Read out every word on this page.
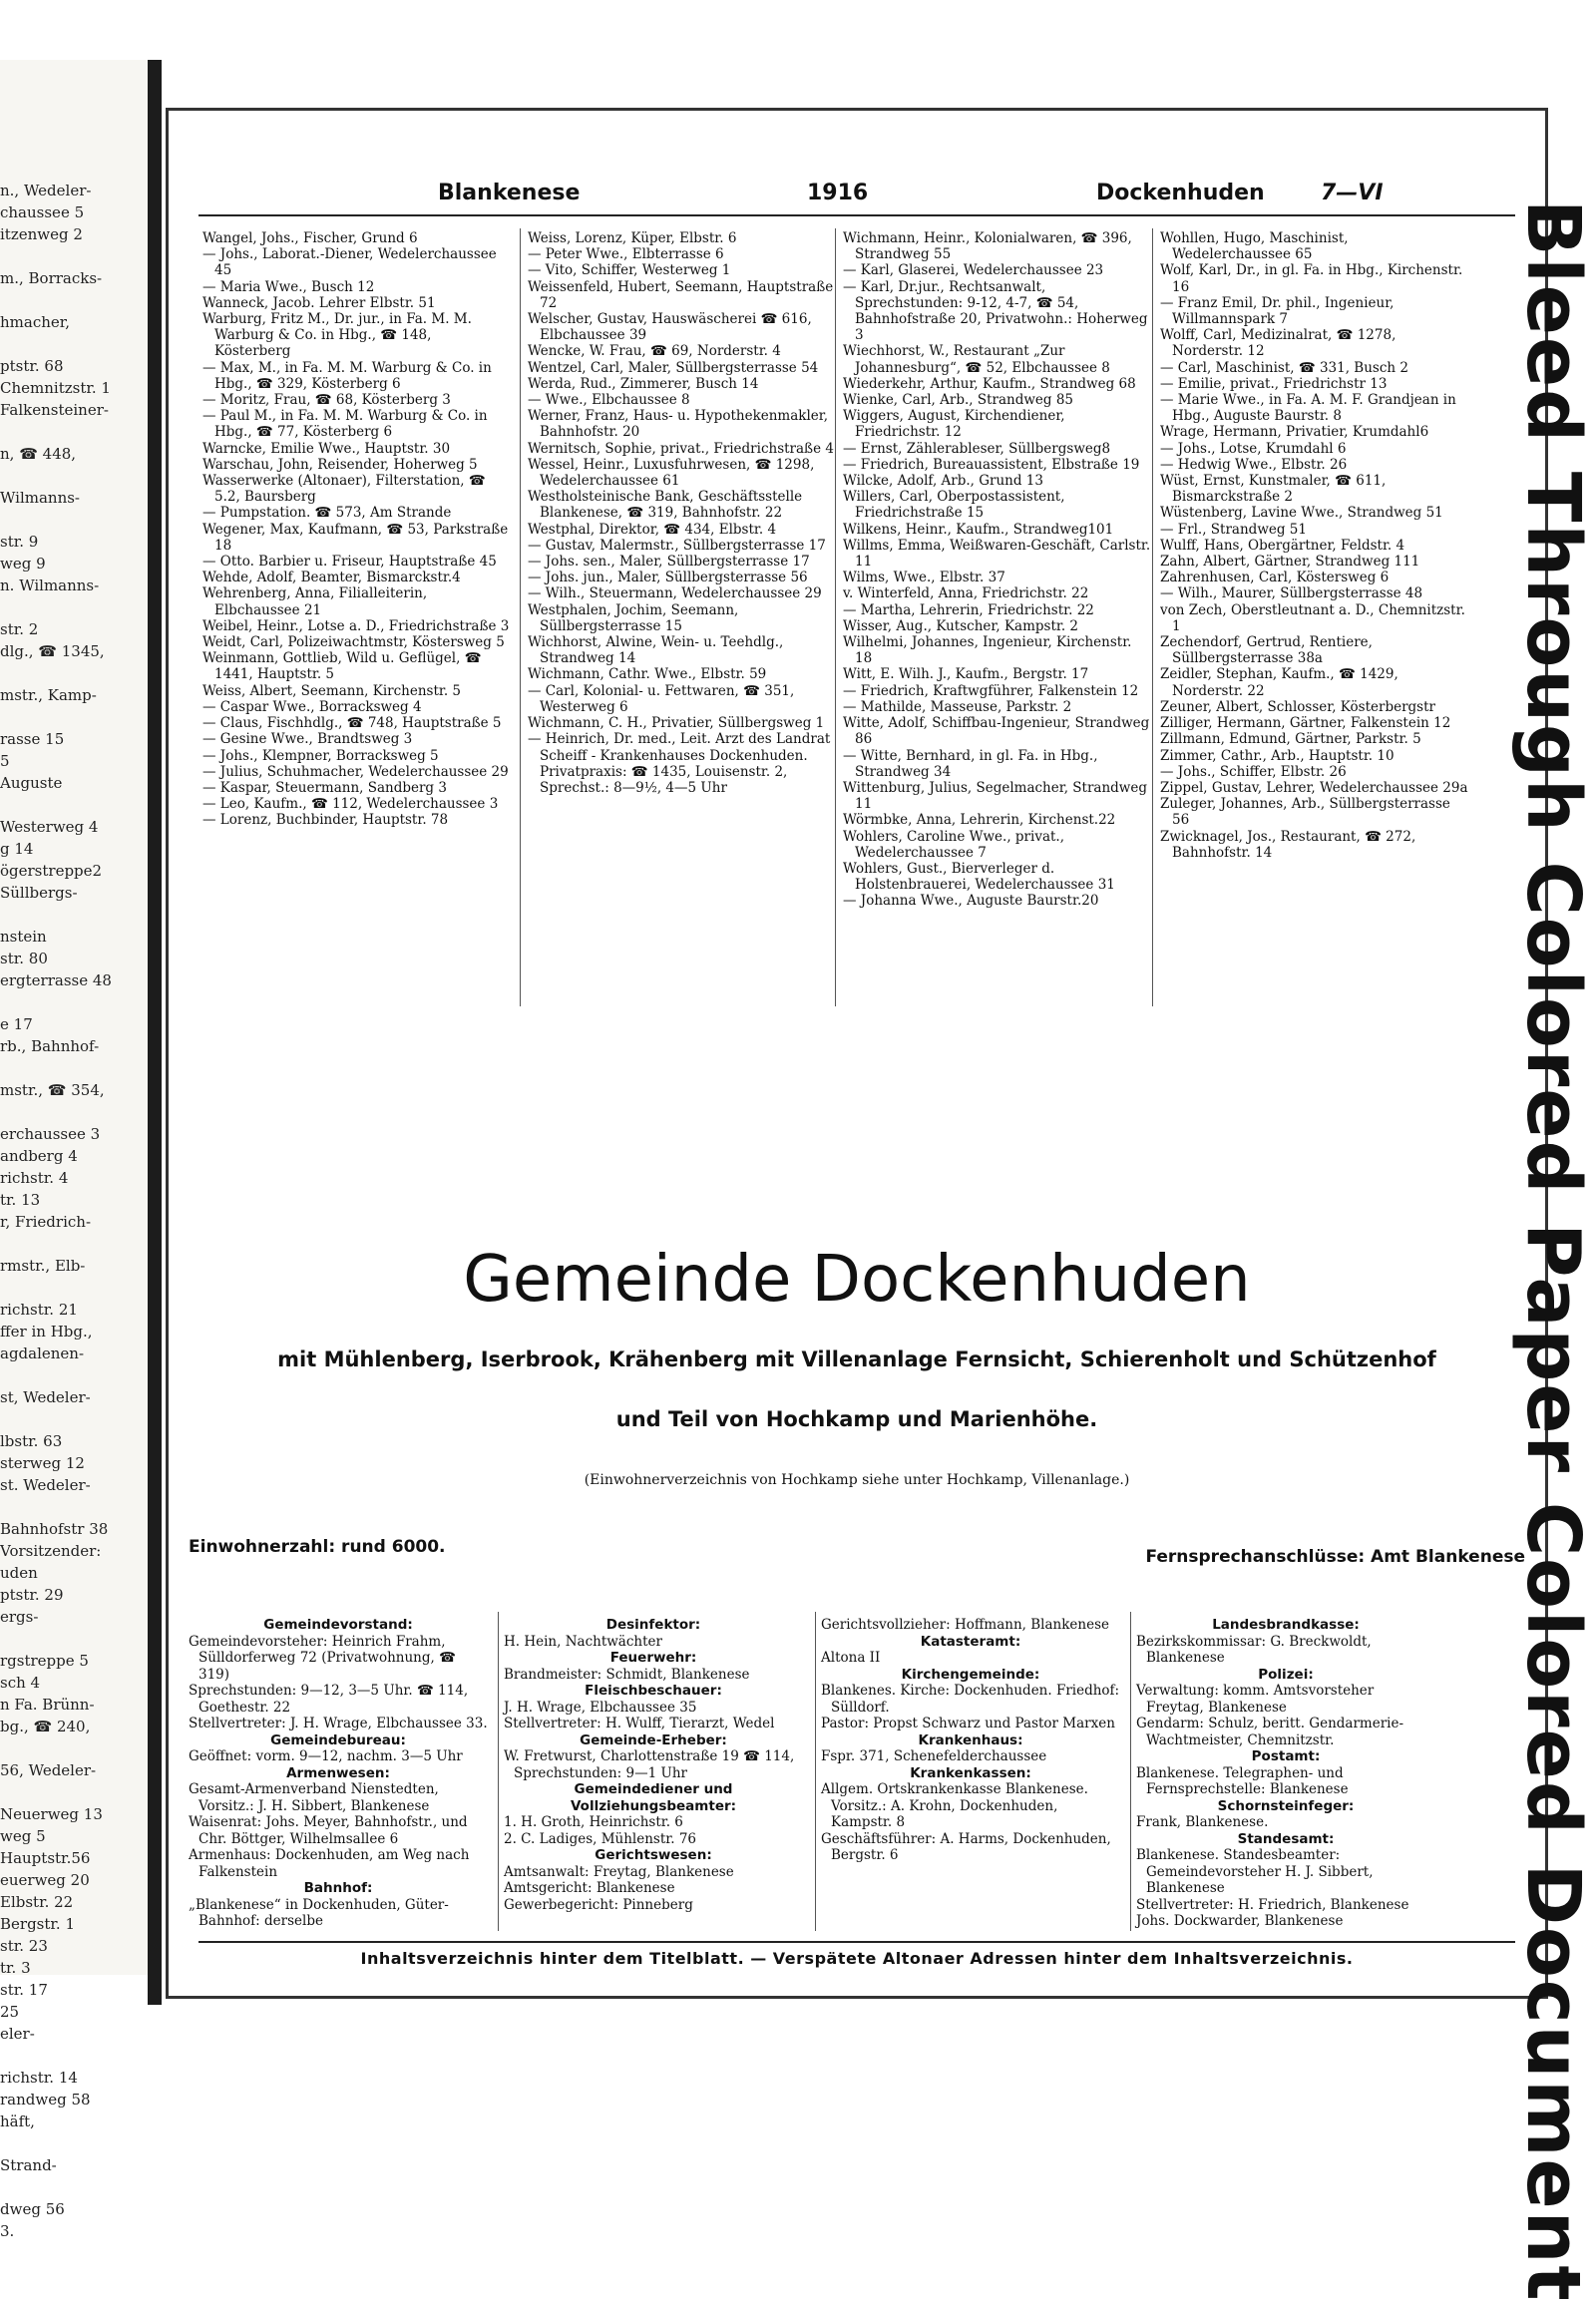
n., Wedeler-
chaussee 5
itzenweg 2

m., Borracks-

hmacher,

ptstr. 68
Chemnitzstr. 1
Falkensteiner-

n, ☎ 448,

Wilmanns-

str. 9
weg 9
n. Wilmanns-

str. 2
dlg., ☎ 1345,

mstr., Kamp-

rasse 15
5
Auguste

Westerweg 4
g 14
ögerstreppe2
Süllbergs-

nstein
str. 80
ergterrasse 48

e 17
rb., Bahnhof-

mstr., ☎ 354,

erchaussee 3
andberg 4
richstr. 4
tr. 13
r, Friedrich-

rmstr., Elb-

richstr. 21
ffer in Hbg.,
agdalenen-

st, Wedeler-

lbstr. 63
sterweg 12
st. Wedeler-

Bahnhofstr 38
Vorsitzender:
uden
ptstr. 29
ergs-

rgstreppe 5
sch 4
n Fa. Brünn-
bg., ☎ 240,

56, Wedeler-

Neuerweg 13
weg 5
Hauptstr.56
euerweg 20
Elbstr. 22
Bergstr. 1
str. 23
tr. 3
str. 17
25
eler-

richstr. 14
randweg 58
häft,

Strand-

dweg 56
3.
Blankenese	1916	Dockenhuden	7—VI
Wangel, Johs., Fischer, Grund 6
— Johs., Laborat.-Diener, Wedelerchaussee 45
— Maria Wwe., Busch 12
Wanneck, Jacob. Lehrer Elbstr. 51
Warburg, Fritz M., Dr. jur., in Fa. M. M. Warburg & Co. in Hbg., ☎ 148, Kösterberg
— Max, M., in Fa. M. M. Warburg & Co. in Hbg., ☎ 329, Kösterberg 6
— Moritz, Frau, ☎ 68, Kösterberg 3
— Paul M., in Fa. M. M. Warburg & Co. in Hbg., ☎ 77, Kösterberg 6
Warncke, Emilie Wwe., Hauptstr. 30
Warschau, John, Reisender, Hoherweg 5
Wasserwerke (Altonaer), Filterstation, ☎ 5.2, Baursberg
— Pumpstation. ☎ 573, Am Strande
Wegener, Max, Kaufmann, ☎ 53, Parkstraße 18
— Otto. Barbier u. Friseur, Hauptstraße 45
Wehde, Adolf, Beamter, Bismarckstr.4
Wehrenberg, Anna, Filialleiterin, Elbchaussee 21
Weibel, Heinr., Lotse a. D., Friedrichstraße 3
Weidt, Carl, Polizeiwachtmstr, Köstersweg 5
Weinmann, Gottlieb, Wild u. Geflügel, ☎ 1441, Hauptstr. 5
Weiss, Albert, Seemann, Kirchenstr. 5
— Caspar Wwe., Borracksweg 4
— Claus, Fischhdlg., ☎ 748, Hauptstraße 5
— Gesine Wwe., Brandtsweg 3
— Johs., Klempner, Borracksweg 5
— Julius, Schuhmacher, Wedelerchaussee 29
— Kaspar, Steuermann, Sandberg 3
— Leo, Kaufm., ☎ 112, Wedelerchaussee 3
— Lorenz, Buchbinder, Hauptstr. 78
Weiss, Lorenz, Küper, Elbstr. 6
— Peter Wwe., Elbterrasse 6
— Vito, Schiffer, Westerweg 1
Weissenfeld, Hubert, Seemann, Hauptstraße 72
Welscher, Gustav, Hauswäscherei ☎ 616, Elbchaussee 39
Wencke, W. Frau, ☎ 69, Norderstr. 4
Wentzel, Carl, Maler, Süllbergsterrasse 54
Werda, Rud., Zimmerer, Busch 14
— Wwe., Elbchaussee 8
Werner, Franz, Haus- u. Hypothekenmakler, Bahnhofstr. 20
Wernitsch, Sophie, privat., Friedrichstraße 4
Wessel, Heinr., Luxusfuhrwesen, ☎ 1298, Wedelerchaussee 61
Westholsteinische Bank, Geschäftsstelle Blankenese, ☎ 319, Bahnhofstr. 22
Westphal, Direktor, ☎ 434, Elbstr. 4
— Gustav, Malermstr., Süllbergsterrasse 17
— Johs. sen., Maler, Süllbergsterrasse 17
— Johs. jun., Maler, Süllbergsterrasse 56
— Wilh., Steuermann, Wedelerchaussee 29
Westphalen, Jochim, Seemann, Süllbergsterrasse 15
Wichhorst, Alwine, Wein- u. Teehdlg., Strandweg 14
Wichmann, Cathr. Wwe., Elbstr. 59
— Carl, Kolonial- u. Fettwaren, ☎ 351, Westerweg 6
Wichmann, C. H., Privatier, Süllbergsweg 1
— Heinrich, Dr. med., Leit. Arzt des Landrat Scheiff - Krankenhauses Dockenhuden. Privatpraxis: ☎ 1435, Louisenstr. 2, Sprechst.: 8—9½, 4—5 Uhr
Wichmann, Heinr., Kolonialwaren, ☎ 396, Strandweg 55
— Karl, Glaserei, Wedelerchaussee 23
— Karl, Dr.jur., Rechtsanwalt, Sprechstunden: 9-12, 4-7, ☎ 54, Bahnhofstraße 20, Privatwohn.: Hoherweg 3
Wiechhorst, W., Restaurant „Zur Johannesburg“, ☎ 52, Elbchaussee 8
Wiederkehr, Arthur, Kaufm., Strandweg 68
Wienke, Carl, Arb., Strandweg 85
Wiggers, August, Kirchendiener, Friedrichstr. 12
— Ernst, Zählerableser, Süllbergsweg8
— Friedrich, Bureauassistent, Elbstraße 19
Wilcke, Adolf, Arb., Grund 13
Willers, Carl, Oberpostassistent, Friedrichstraße 15
Wilkens, Heinr., Kaufm., Strandweg101
Willms, Emma, Weißwaren-Geschäft, Carlstr. 11
Wilms, Wwe., Elbstr. 37
v. Winterfeld, Anna, Friedrichstr. 22
— Martha, Lehrerin, Friedrichstr. 22
Wisser, Aug., Kutscher, Kampstr. 2
Wilhelmi, Johannes, Ingenieur, Kirchenstr. 18
Witt, E. Wilh. J., Kaufm., Bergstr. 17
— Friedrich, Kraftwgführer, Falkenstein 12
— Mathilde, Masseuse, Parkstr. 2
Witte, Adolf, Schiffbau-Ingenieur, Strandweg 86
— Witte, Bernhard, in gl. Fa. in Hbg., Strandweg 34
Wittenburg, Julius, Segelmacher, Strandweg 11
Wörmbke, Anna, Lehrerin, Kirchenst.22
Wohlers, Caroline Wwe., privat., Wedelerchaussee 7
Wohlers, Gust., Bierverleger d. Holstenbrauerei, Wedelerchaussee 31
— Johanna Wwe., Auguste Baurstr.20
Wohllen, Hugo, Maschinist, Wedelerchaussee 65
Wolf, Karl, Dr., in gl. Fa. in Hbg., Kirchenstr. 16
— Franz Emil, Dr. phil., Ingenieur, Willmannspark 7
Wolff, Carl, Medizinalrat, ☎ 1278, Norderstr. 12
— Carl, Maschinist, ☎ 331, Busch 2
— Emilie, privat., Friedrichstr 13
— Marie Wwe., in Fa. A. M. F. Grandjean in Hbg., Auguste Baurstr. 8
Wrage, Hermann, Privatier, Krumdahl6
— Johs., Lotse, Krumdahl 6
— Hedwig Wwe., Elbstr. 26
Wüst, Ernst, Kunstmaler, ☎ 611, Bismarckstraße 2
Wüstenberg, Lavine Wwe., Strandweg 51
— Frl., Strandweg 51
Wulff, Hans, Obergärtner, Feldstr. 4
Zahn, Albert, Gärtner, Strandweg 111
Zahrenhusen, Carl, Köstersweg 6
— Wilh., Maurer, Süllbergsterrasse 48
von Zech, Oberstleutnant a. D., Chemnitzstr. 1
Zechendorf, Gertrud, Rentiere, Süllbergsterrasse 38a
Zeidler, Stephan, Kaufm., ☎ 1429, Norderstr. 22
Zeuner, Albert, Schlosser, Kösterbergstr
Zilliger, Hermann, Gärtner, Falkenstein 12
Zillmann, Edmund, Gärtner, Parkstr. 5
Zimmer, Cathr., Arb., Hauptstr. 10
— Johs., Schiffer, Elbstr. 26
Zippel, Gustav, Lehrer, Wedelerchaussee 29a
Zuleger, Johannes, Arb., Süllbergsterrasse 56
Zwicknagel, Jos., Restaurant, ☎ 272, Bahnhofstr. 14
Gemeinde Dockenhuden
mit Mühlenberg, Iserbrook, Krähenberg mit Villenanlage Fernsicht, Schierenholt und Schützenhof
und Teil von Hochkamp und Marienhöhe.
(Einwohnerverzeichnis von Hochkamp siehe unter Hochkamp, Villenanlage.)
Einwohnerzahl: rund 6000.	Fernsprechanschlüsse: Amt Blankenese
Gemeindevorstand:
Gemeindevorsteher: Heinrich Frahm, Sülldorferweg 72 (Privatwohnung, ☎ 319)
Sprechstunden: 9—12, 3—5 Uhr. ☎ 114, Goethestr. 22
Stellvertreter: J. H. Wrage, Elbchaussee 33.
Gemeindebureau:
Geöffnet: vorm. 9—12, nachm. 3—5 Uhr
Armenwesen:
Gesamt-Armenverband Nienstedten, Vorsitz.: J. H. Sibbert, Blankenese
Waisenrat: Johs. Meyer, Bahnhofstr., und Chr. Böttger, Wilhelmsallee 6
Armenhaus: Dockenhuden, am Weg nach Falkenstein
Bahnhof:
„Blankenese“ in Dockenhuden, Güter-Bahnhof: derselbe
Desinfektor:
H. Hein, Nachtwächter
Feuerwehr:
Brandmeister: Schmidt, Blankenese
Fleischbeschauer:
J. H. Wrage, Elbchaussee 35
Stellvertreter: H. Wulff, Tierarzt, Wedel
Gemeinde-Erheber:
W. Fretwurst, Charlottenstraße 19 ☎ 114, Sprechstunden: 9—1 Uhr
Gemeindediener und Vollziehungsbeamter:
1. H. Groth, Heinrichstr. 6
2. C. Ladiges, Mühlenstr. 76
Gerichtswesen:
Amtsanwalt: Freytag, Blankenese
Amtsgericht: Blankenese
Gewerbegericht: Pinneberg
Gerichtsvollzieher: Hoffmann, Blankenese
Katasteramt:
Altona II
Kirchengemeinde:
Blankenes. Kirche: Dockenhuden. Friedhof: Sülldorf.
Pastor: Propst Schwarz und Pastor Marxen
Krankenhaus:
Fspr. 371, Schenefelderchaussee
Krankenkassen:
Allgem. Ortskrankenkasse Blankenese. Vorsitz.: A. Krohn, Dockenhuden, Kampstr. 8
Geschäftsführer: A. Harms, Dockenhuden, Bergstr. 6
Landesbrandkasse:
Bezirkskommissar: G. Breckwoldt, Blankenese
Polizei:
Verwaltung: komm. Amtsvorsteher Freytag, Blankenese
Gendarm: Schulz, beritt. Gendarmerie-Wachtmeister, Chemnitzstr.
Postamt:
Blankenese. Telegraphen- und Fernsprechstelle: Blankenese
Schornsteinfeger:
Frank, Blankenese.
Standesamt:
Blankenese. Standesbeamter: Gemeindevorsteher H. J. Sibbert, Blankenese
Stellvertreter: H. Friedrich, Blankenese
Johs. Dockwarder, Blankenese
Inhaltsverzeichnis hinter dem Titelblatt. — Verspätete Altonaer Adressen hinter dem Inhaltsverzeichnis.	Bleed Through Colored Paper Colored Document
